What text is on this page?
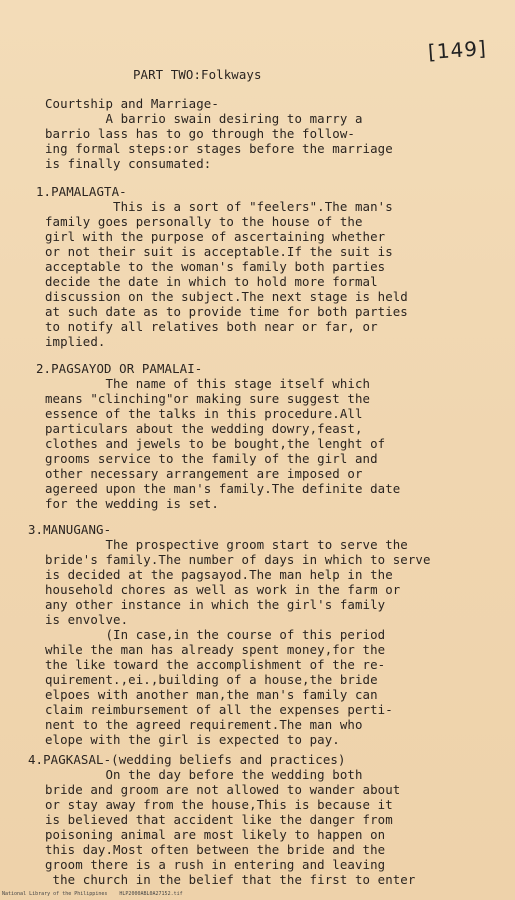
[149]
PART TWO:Folkways
Courtship and Marriage-
A barrio swain desiring to marry a
barrio lass has to go through the follow-
ing formal steps:or stages before the marriage
is finally consumated:
1.PAMALAGTA-
This is a sort of "feelers".The man's
family goes personally to the house of the
girl with the purpose of ascertaining whether
or not their suit is acceptable.If the suit is
acceptable to the woman's family both parties
decide the date in which to hold more formal
discussion on the subject.The next stage is held
at such date as to provide time for both parties
to notify all relatives both near or far, or
implied.
2.PAGSAYOD OR PAMALAI-
The name of this stage itself which
means "clinching"or making sure suggest the
essence of the talks in this procedure.All
particulars about the wedding dowry,feast,
clothes and jewels to be bought,the lenght of
grooms service to the family of the girl and
other necessary arrangement are imposed or
agereed upon the man's family.The definite date
for the wedding is set.
3.MANUGANG-
The prospective groom start to serve the
bride's family.The number of days in which to serve
is decided at the pagsayod.The man help in the
household chores as well as work in the farm or
any other instance in which the girl's family
is envolve.
(In case,in the course of this period
while the man has already spent money,for the
the like toward the accomplishment of the re-
quirement.,ei.,building of a house,the bride
elpoes with another man,the man's family can
claim reimbursement of all the expenses perti-
nent to the agreed requirement.The man who
elope with the girl is expected to pay.
4.PAGKASAL-(wedding beliefs and practices)
On the day before the wedding both
bride and groom are not allowed to wander about
or stay away from the house,This is because it
is believed that accident like the danger from
poisoning animal are most likely to happen on
this day.Most often between the bride and the
groom there is a rush in entering and leaving
the church in the belief that the first to enter
National Library of the Philippines    HLP2000ABL0A27152.tif
